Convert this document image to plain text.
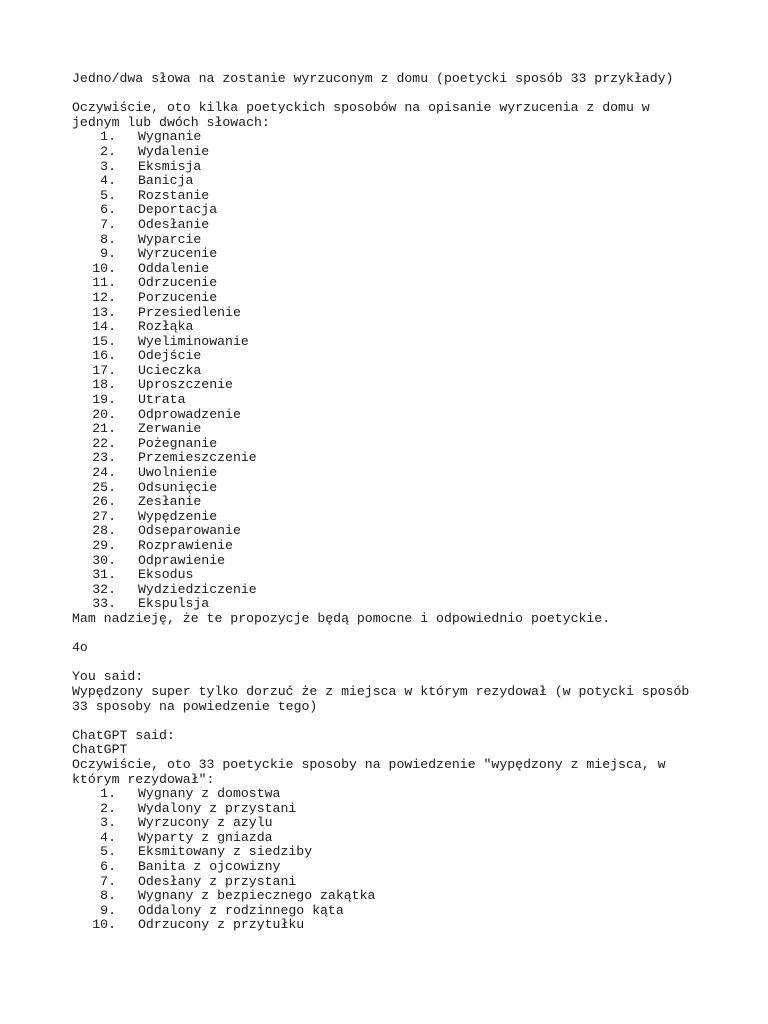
Jedno/dwa słowa na zostanie wyrzuconym z domu (poetycki sposób 33 przykłady)

Oczywiście, oto kilka poetyckich sposobów na opisanie wyrzucenia z domu w jednym lub dwóch słowach:

1.	Wygnanie
2.	Wydalenie
3.	Eksmisja
4.	Banicja
5.	Rozstanie
6.	Deportacja
7.	Odesłanie
8.	Wyparcie
9.	Wyrzucenie
10.	Oddalenie
11.	Odrzucenie
12.	Porzucenie
13.	Przesiedlenie
14.	Rozłąka
15.	Wyeliminowanie
16.	Odejście
17.	Ucieczka
18.	Uproszczenie
19.	Utrata
20.	Odprowadzenie
21.	Zerwanie
22.	Pożegnanie
23.	Przemieszczenie
24.	Uwolnienie
25.	Odsunięcie
26.	Zesłanie
27.	Wypędzenie
28.	Odseparowanie
29.	Rozprawienie
30.	Odprawienie
31.	Eksodus
32.	Wydziedziczenie
33.	Ekspulsja

Mam nadzieję, że te propozycje będą pomocne i odpowiednio poetyckie.

4o

You said:

Wypędzony super tylko dorzuć że z miejsca w którym rezydował (w potycki sposób 33 sposoby na powiedzenie tego)

ChatGPT said:

ChatGPT

Oczywiście, oto 33 poetyckie sposoby na powiedzenie "wypędzony z miejsca, w którym rezydował":

1.	Wygnany z domostwa
2.	Wydalony z przystani
3.	Wyrzucony z azylu
4.	Wyparty z gniazda
5.	Eksmitowany z siedziby
6.	Banita z ojcowizny
7.	Odesłany z przystani
8.	Wygnany z bezpiecznego zakątka
9.	Oddalony z rodzinnego kąta
10.	Odrzucony z przytułku
